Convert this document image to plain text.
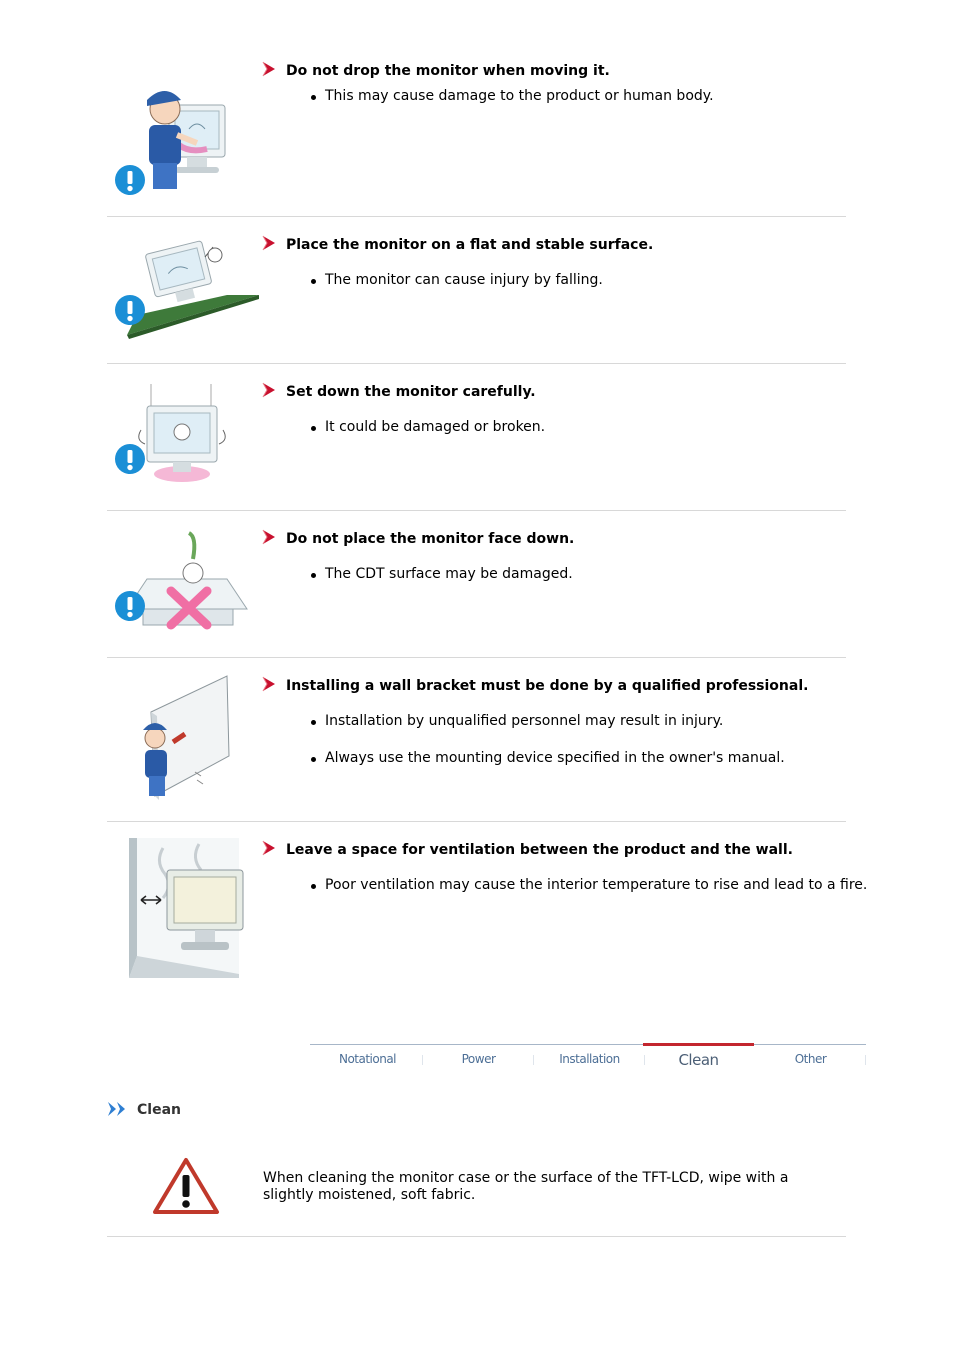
Do not drop the monitor when moving it.
This may cause damage to the product or human body.
Place the monitor on a flat and stable surface.
The monitor can cause injury by falling.
Set down the monitor carefully.
It could be damaged or broken.
Do not place the monitor face down.
The CDT surface may be damaged.
Installing a wall bracket must be done by a qualified professional.
Installation by unqualified personnel may result in injury.
Always use the mounting device specified in the owner's manual.
Leave a space for ventilation between the product and the wall.
Poor ventilation may cause the interior temperature to rise and lead to a fire.
Notational	Power	Installation	Clean	Other
Clean
When cleaning the monitor case or the surface of the TFT-LCD, wipe with a slightly moistened, soft fabric.
